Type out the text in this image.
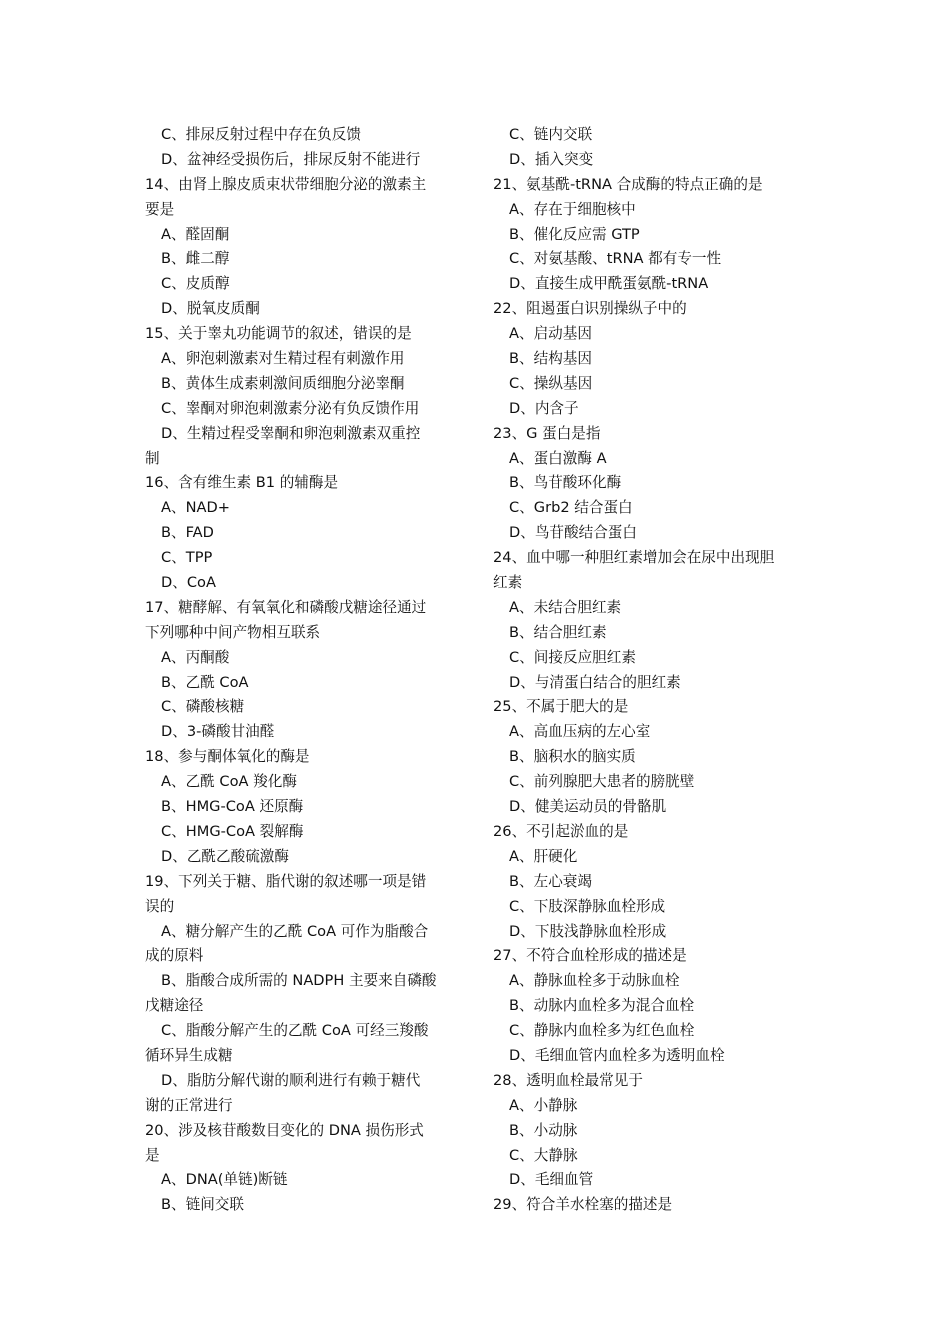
C、排尿反射过程中存在负反馈
D、盆神经受损伤后，排尿反射不能进行
14、由肾上腺皮质束状带细胞分泌的激素主
要是
A、醛固酮
B、雌二醇
C、皮质醇
D、脱氧皮质酮
15、关于睾丸功能调节的叙述，错误的是
A、卵泡刺激素对生精过程有刺激作用
B、黄体生成素刺激间质细胞分泌睾酮
C、睾酮对卵泡刺激素分泌有负反馈作用
D、生精过程受睾酮和卵泡刺激素双重控
制
16、含有维生素 B1 的辅酶是
A、NAD+
B、FAD
C、TPP
D、CoA
17、糖酵解、有氧氧化和磷酸戊糖途径通过
下列哪种中间产物相互联系
A、丙酮酸
B、乙酰 CoA
C、磷酸核糖
D、3-磷酸甘油醛
18、参与酮体氧化的酶是
A、乙酰 CoA 羧化酶
B、HMG-CoA 还原酶
C、HMG-CoA 裂解酶
D、乙酰乙酸硫激酶
19、下列关于糖、脂代谢的叙述哪一项是错
误的
A、糖分解产生的乙酰 CoA 可作为脂酸合
成的原料
B、脂酸合成所需的 NADPH 主要来自磷酸
戊糖途径
C、脂酸分解产生的乙酰 CoA 可经三羧酸
循环异生成糖
D、脂肪分解代谢的顺利进行有赖于糖代
谢的正常进行
20、涉及核苷酸数目变化的 DNA 损伤形式
是
A、DNA(单链)断链
B、链间交联
C、链内交联
D、插入突变
21、氨基酰-tRNA 合成酶的特点正确的是
A、存在于细胞核中
B、催化反应需 GTP
C、对氨基酸、tRNA 都有专一性
D、直接生成甲酰蛋氨酰-tRNA
22、阻遏蛋白识别操纵子中的
A、启动基因
B、结构基因
C、操纵基因
D、内含子
23、G 蛋白是指
A、蛋白激酶 A
B、鸟苷酸环化酶
C、Grb2 结合蛋白
D、鸟苷酸结合蛋白
24、血中哪一种胆红素增加会在尿中出现胆
红素
A、未结合胆红素
B、结合胆红素
C、间接反应胆红素
D、与清蛋白结合的胆红素
25、不属于肥大的是
A、高血压病的左心室
B、脑积水的脑实质
C、前列腺肥大患者的膀胱壁
D、健美运动员的骨骼肌
26、不引起淤血的是
A、肝硬化
B、左心衰竭
C、下肢深静脉血栓形成
D、下肢浅静脉血栓形成
27、不符合血栓形成的描述是
A、静脉血栓多于动脉血栓
B、动脉内血栓多为混合血栓
C、静脉内血栓多为红色血栓
D、毛细血管内血栓多为透明血栓
28、透明血栓最常见于
A、小静脉
B、小动脉
C、大静脉
D、毛细血管
29、符合羊水栓塞的描述是
